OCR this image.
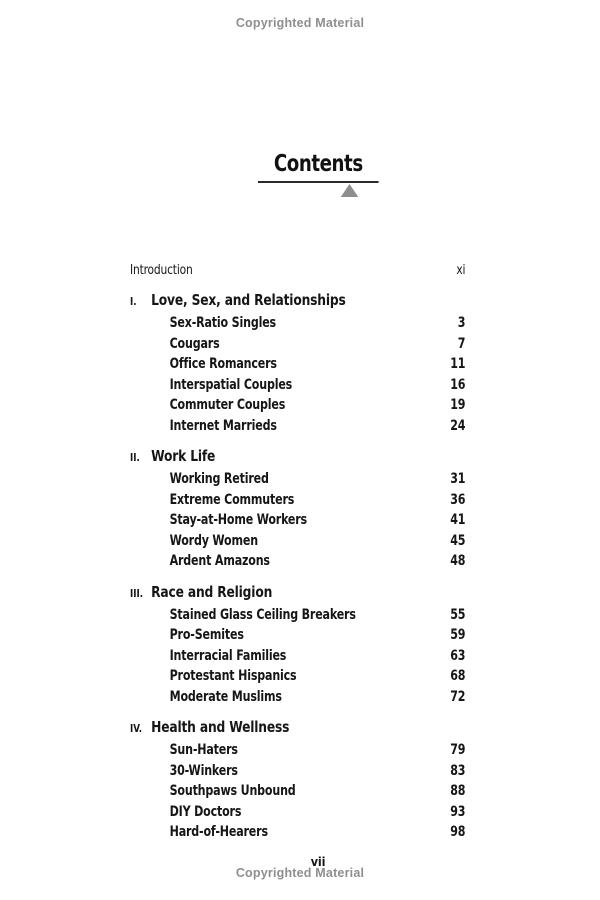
Copyrighted Material
Contents
Introduction	xi
I. Love, Sex, and Relationships
Sex-Ratio Singles	3
Cougars	7
Office Romancers	11
Interspatial Couples	16
Commuter Couples	19
Internet Marrieds	24
II. Work Life
Working Retired	31
Extreme Commuters	36
Stay-at-Home Workers	41
Wordy Women	45
Ardent Amazons	48
III. Race and Religion
Stained Glass Ceiling Breakers	55
Pro-Semites	59
Interracial Families	63
Protestant Hispanics	68
Moderate Muslims	72
IV. Health and Wellness
Sun-Haters	79
30-Winkers	83
Southpaws Unbound	88
DIY Doctors	93
Hard-of-Hearers	98
vii
Copyrighted Material
